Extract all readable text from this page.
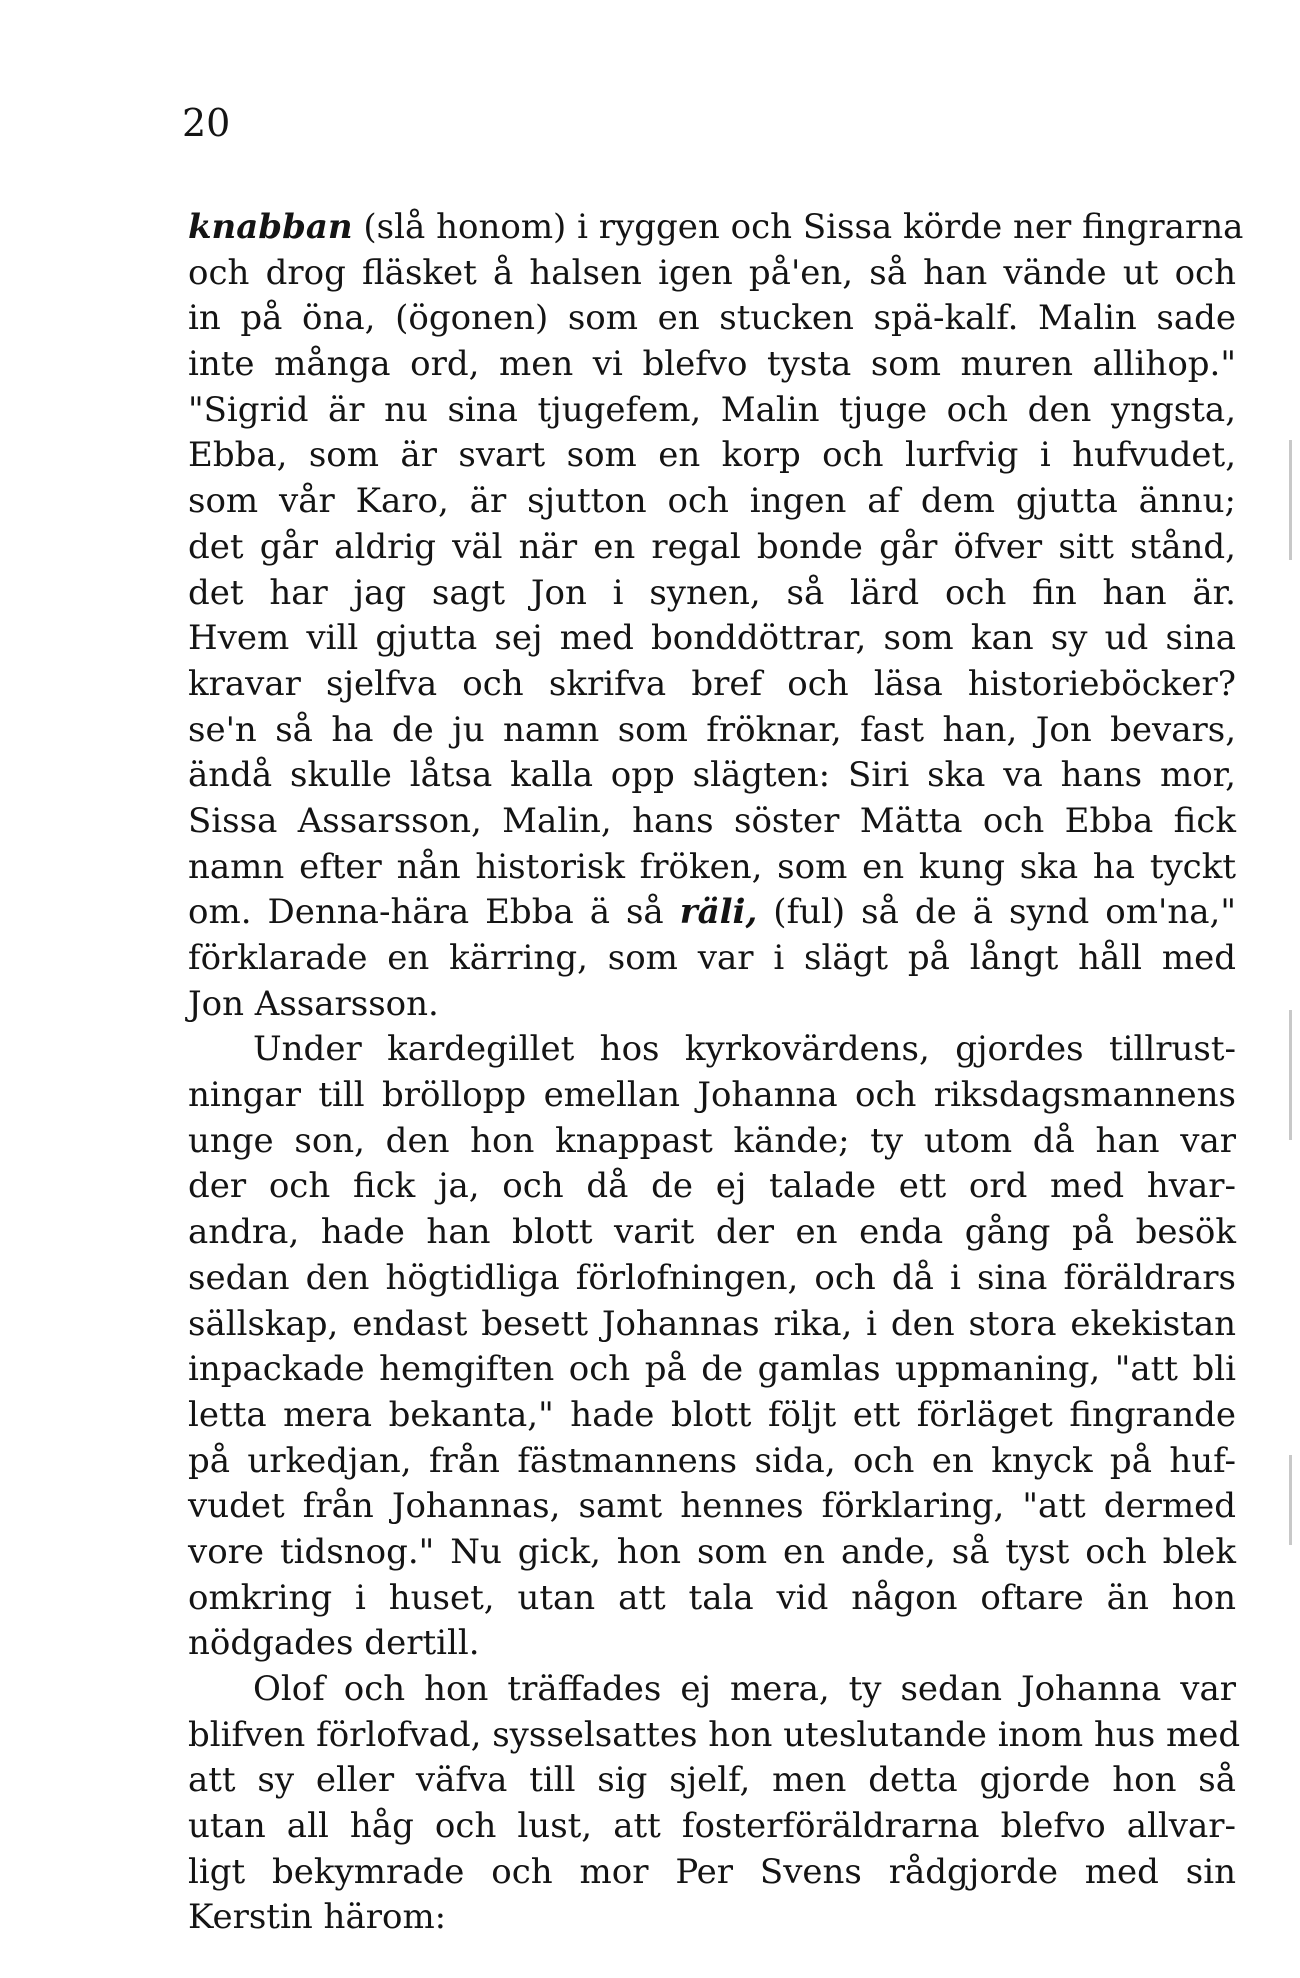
20
knabban (slå honom) i ryggen och Sissa körde ner fingrarna
och drog fläsket å halsen igen på'en, så han vände ut och
in på öna, (ögonen) som en stucken spä-kalf. Malin sade
inte många ord, men vi blefvo tysta som muren allihop."
"Sigrid är nu sina tjugefem, Malin tjuge och den yngsta,
Ebba, som är svart som en korp och lurfvig i hufvudet,
som vår Karo, är sjutton och ingen af dem gjutta ännu;
det går aldrig väl när en regal bonde går öfver sitt stånd,
det har jag sagt Jon i synen, så lärd och fin han är.
Hvem vill gjutta sej med bonddöttrar, som kan sy ud sina
kravar sjelfva och skrifva bref och läsa historieböcker?
se'n så ha de ju namn som fröknar, fast han, Jon bevars,
ändå skulle låtsa kalla opp slägten: Siri ska va hans mor,
Sissa Assarsson, Malin, hans söster Mätta och Ebba fick
namn efter nån historisk fröken, som en kung ska ha tyckt
om. Denna-hära Ebba ä så räli, (ful) så de ä synd om'na,"
förklarade en kärring, som var i slägt på långt håll med
Jon Assarsson.
Under kardegillet hos kyrkovärdens, gjordes tillrust-
ningar till bröllopp emellan Johanna och riksdagsmannens
unge son, den hon knappast kände; ty utom då han var
der och fick ja, och då de ej talade ett ord med hvar-
andra, hade han blott varit der en enda gång på besök
sedan den högtidliga förlofningen, och då i sina föräldrars
sällskap, endast besett Johannas rika, i den stora ekekistan
inpackade hemgiften och på de gamlas uppmaning, "att bli
letta mera bekanta," hade blott följt ett förläget fingrande
på urkedjan, från fästmannens sida, och en knyck på huf-
vudet från Johannas, samt hennes förklaring, "att dermed
vore tidsnog." Nu gick, hon som en ande, så tyst och blek
omkring i huset, utan att tala vid någon oftare än hon
nödgades dertill.
Olof och hon träffades ej mera, ty sedan Johanna var
blifven förlofvad, sysselsattes hon uteslutande inom hus med
att sy eller väfva till sig sjelf, men detta gjorde hon så
utan all håg och lust, att fosterföräldrarna blefvo allvar-
ligt bekymrade och mor Per Svens rådgjorde med sin
Kerstin härom:
